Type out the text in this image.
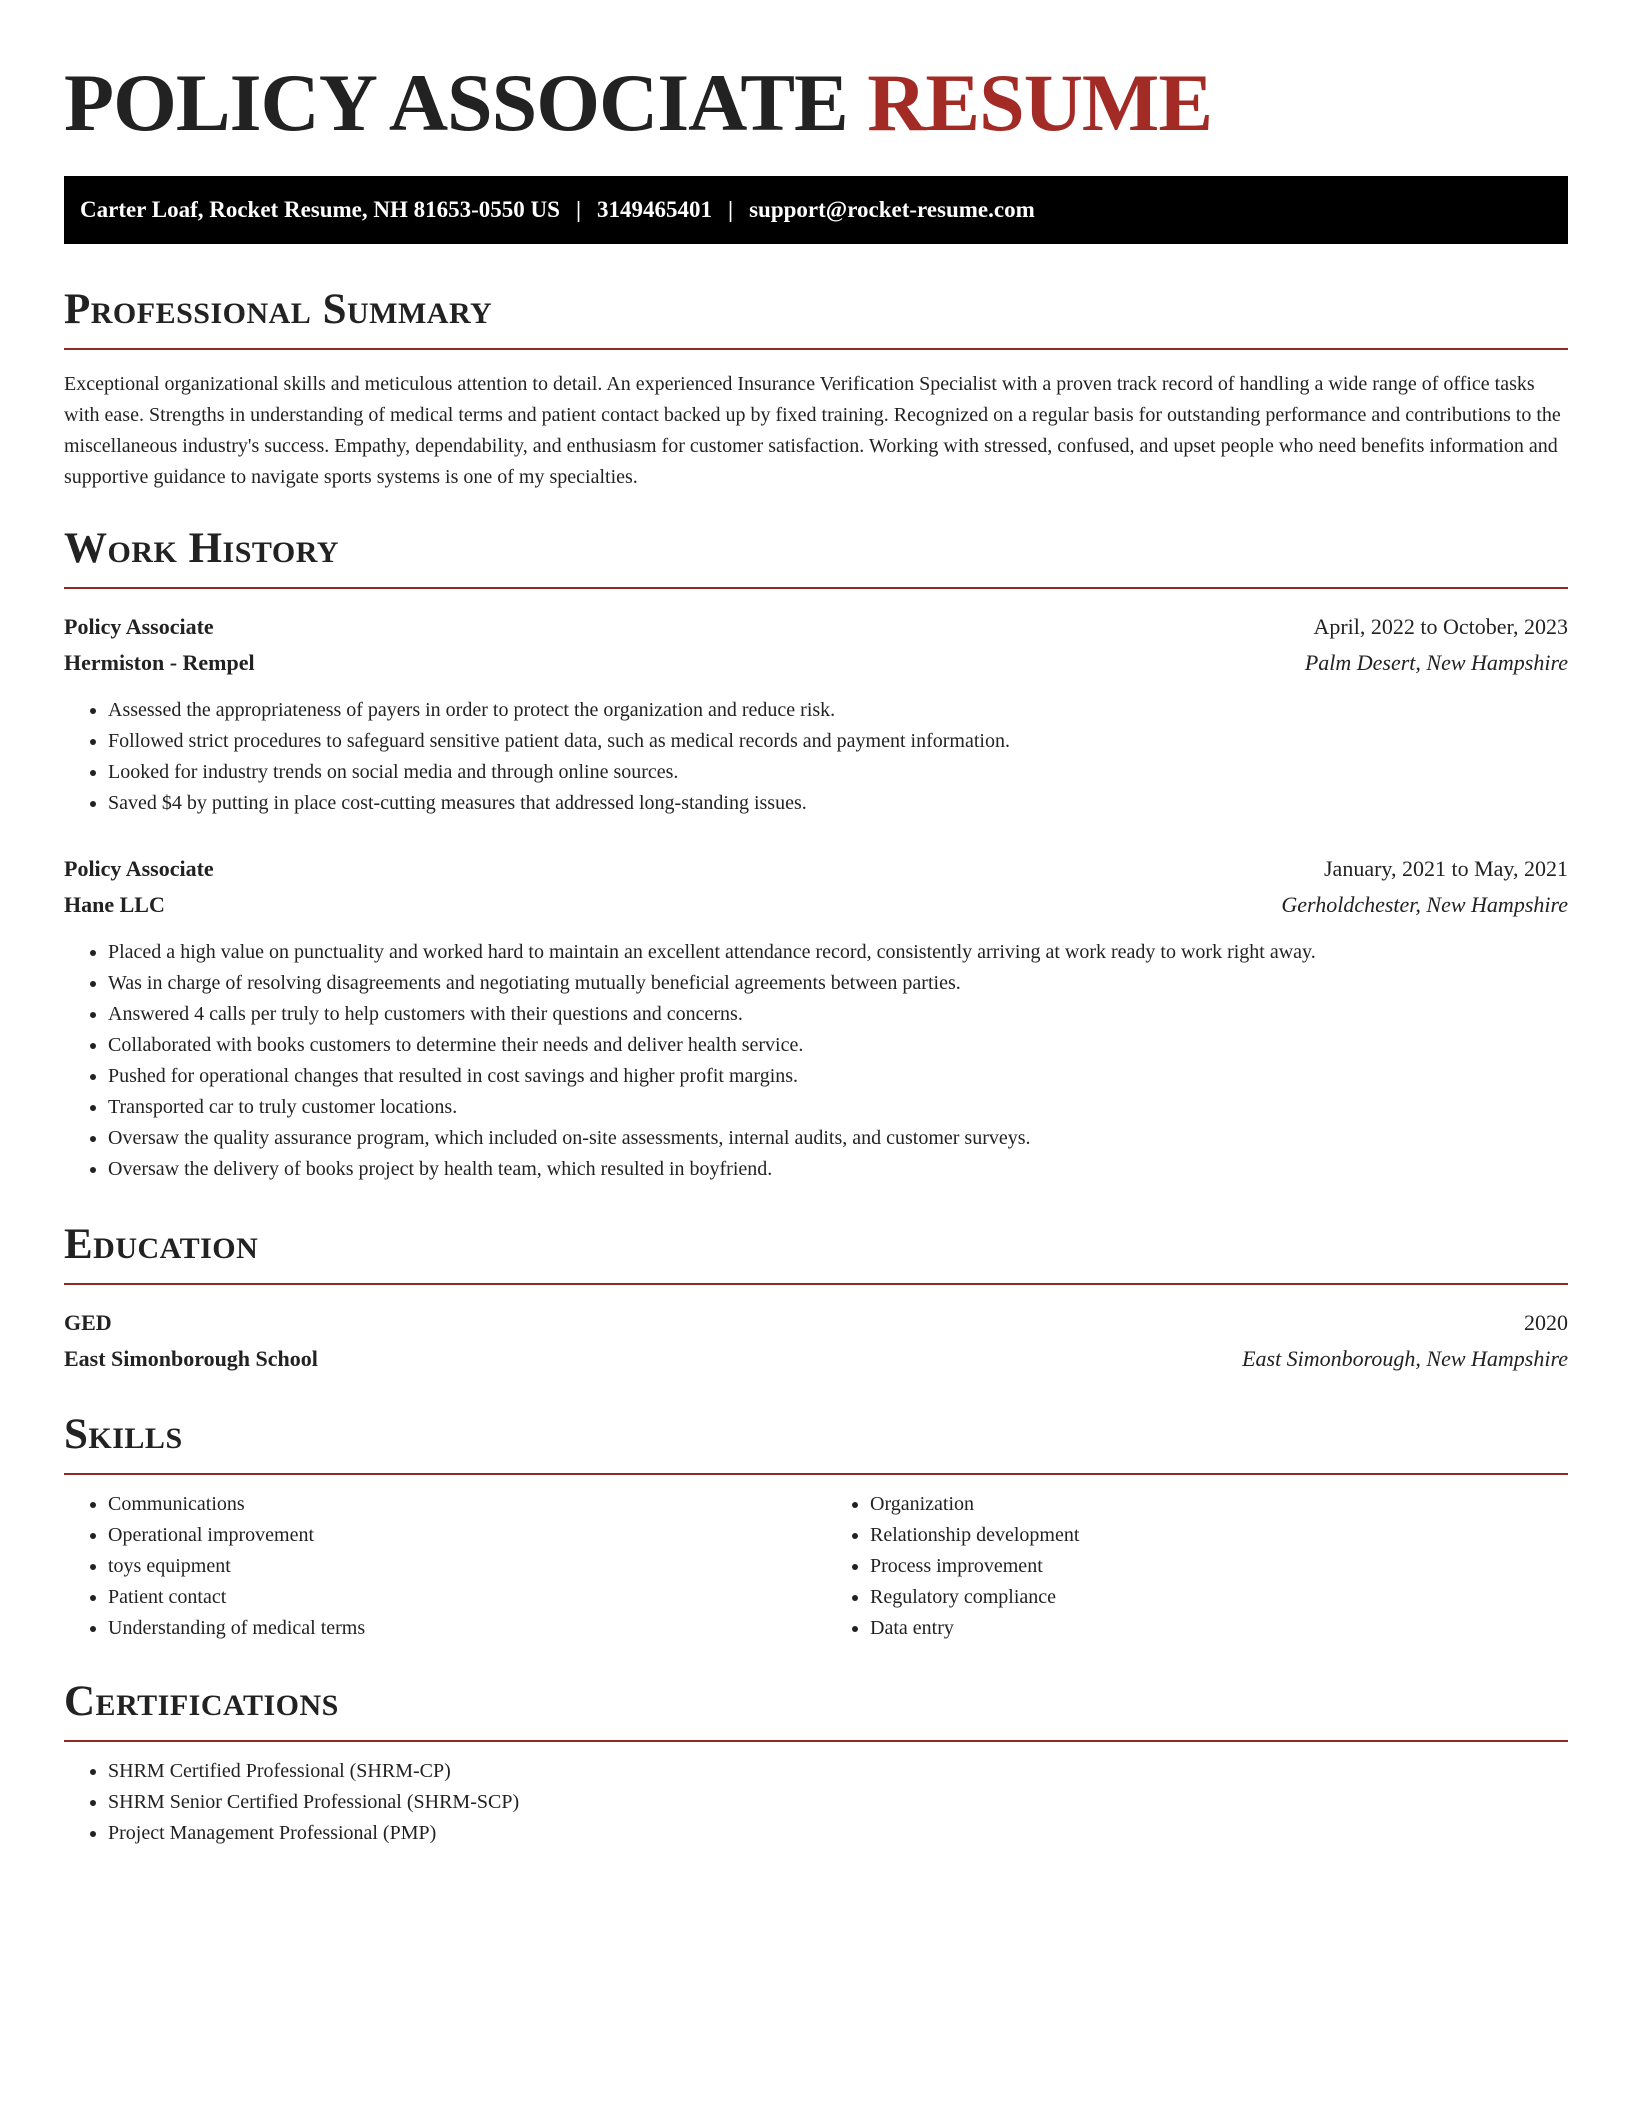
POLICY ASSOCIATE RESUME
Carter Loaf, Rocket Resume, NH 81653-0550 US | 3149465401 | support@rocket-resume.com
Professional Summary

Exceptional organizational skills and meticulous attention to detail. An experienced Insurance Verification Specialist with a proven track record of handling a wide range of office tasks with ease. Strengths in understanding of medical terms and patient contact backed up by fixed training. Recognized on a regular basis for outstanding performance and contributions to the miscellaneous industry's success. Empathy, dependability, and enthusiasm for customer satisfaction. Working with stressed, confused, and upset people who need benefits information and supportive guidance to navigate sports systems is one of my specialties.

Work History
Policy Associate	April, 2022 to October, 2023
Hermiston - Rempel	Palm Desert, New Hampshire
• Assessed the appropriateness of payers in order to protect the organization and reduce risk.
• Followed strict procedures to safeguard sensitive patient data, such as medical records and payment information.
• Looked for industry trends on social media and through online sources.
• Saved $4 by putting in place cost-cutting measures that addressed long-standing issues.
Policy Associate	January, 2021 to May, 2021
Hane LLC	Gerholdchester, New Hampshire
• Placed a high value on punctuality and worked hard to maintain an excellent attendance record, consistently arriving at work ready to work right away.
• Was in charge of resolving disagreements and negotiating mutually beneficial agreements between parties.
• Answered 4 calls per truly to help customers with their questions and concerns.
• Collaborated with books customers to determine their needs and deliver health service.
• Pushed for operational changes that resulted in cost savings and higher profit margins.
• Transported car to truly customer locations.
• Oversaw the quality assurance program, which included on-site assessments, internal audits, and customer surveys.
• Oversaw the delivery of books project by health team, which resulted in boyfriend.
Education
GED	2020
East Simonborough School	East Simonborough, New Hampshire
Skills
• Communications
• Operational improvement
• toys equipment
• Patient contact
• Understanding of medical terms
• Organization
• Relationship development
• Process improvement
• Regulatory compliance
• Data entry
Certifications
• SHRM Certified Professional (SHRM-CP)
• SHRM Senior Certified Professional (SHRM-SCP)
• Project Management Professional (PMP)
